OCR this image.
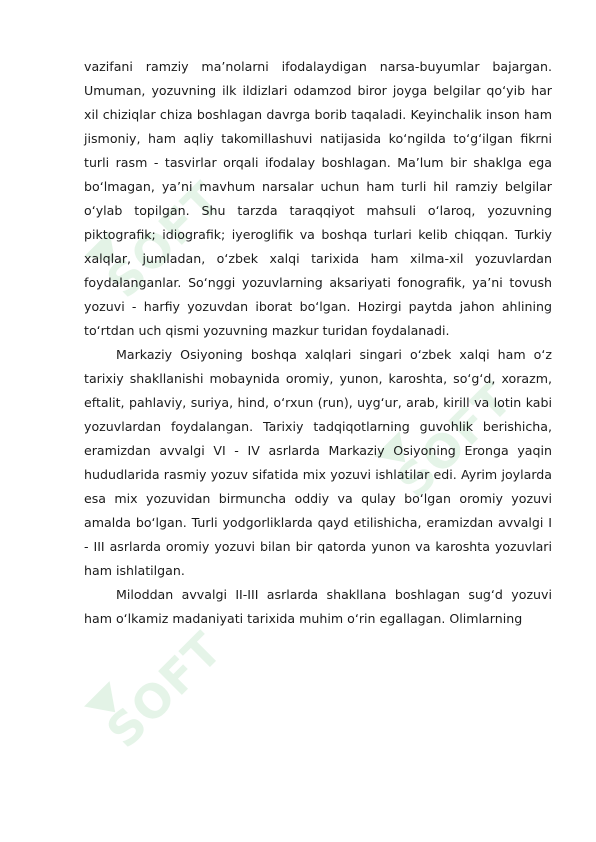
SOFT
SOFT
SOFT

vazifani ramziy ma’nolarni ifodalaydigan narsa-buyumlar bajargan. Umuman, yozuvning ilk ildizlari odamzod biror joyga belgilar qo‘yib har xil chiziqlar chiza boshlagan davrga borib taqaladi. Keyinchalik inson ham jismoniy, ham aqliy takomillashuvi natijasida ko‘ngilda to‘g‘ilgan fikrni turli rasm - tasvirlar orqali ifodalay boshlagan. Ma’lum bir shaklga ega bo‘lmagan, ya’ni mavhum narsalar uchun ham turli hil ramziy belgilar o‘ylab topilgan. Shu tarzda taraqqiyot mahsuli o‘laroq, yozuvning piktografik; idiografik; iyeroglifik va boshqa turlari kelib chiqqan. Turkiy xalqlar, jumladan, o‘zbek xalqi tarixida ham xilma-xil yozuvlardan foydalanganlar. So‘nggi yozuvlarning aksariyati fonografik, ya’ni tovush yozuvi - harfiy yozuvdan iborat bo‘lgan. Hozirgi paytda jahon ahlining to‘rtdan uch qismi yozuvning mazkur turidan foydalanadi.

Markaziy Osiyoning boshqa xalqlari singari o‘zbek xalqi ham o‘z tarixiy shakllanishi mobaynida oromiy, yunon, karoshta, so‘g‘d, xorazm, eftalit, pahlaviy, suriya, hind, o‘rxun (run), uyg‘ur, arab, kirill va lotin kabi yozuvlardan foydalangan. Tarixiy tadqiqotlarning guvohlik berishicha, eramizdan avvalgi VI - IV asrlarda Markaziy Osiyoning Eronga yaqin hududlarida rasmiy yozuv sifatida mix yozuvi ishlatilar edi. Ayrim joylarda esa mix yozuvidan birmuncha oddiy va qulay bo‘lgan oromiy yozuvi amalda bo‘lgan. Turli yodgorliklarda qayd etilishicha, eramizdan avvalgi I - III asrlarda oromiy yozuvi bilan bir qatorda yunon va karoshta yozuvlari ham ishlatilgan.

Miloddan avvalgi II-III asrlarda shakllana boshlagan sug‘d yozuvi ham o‘lkamiz madaniyati tarixida muhim o‘rin egallagan. Olimlarning
